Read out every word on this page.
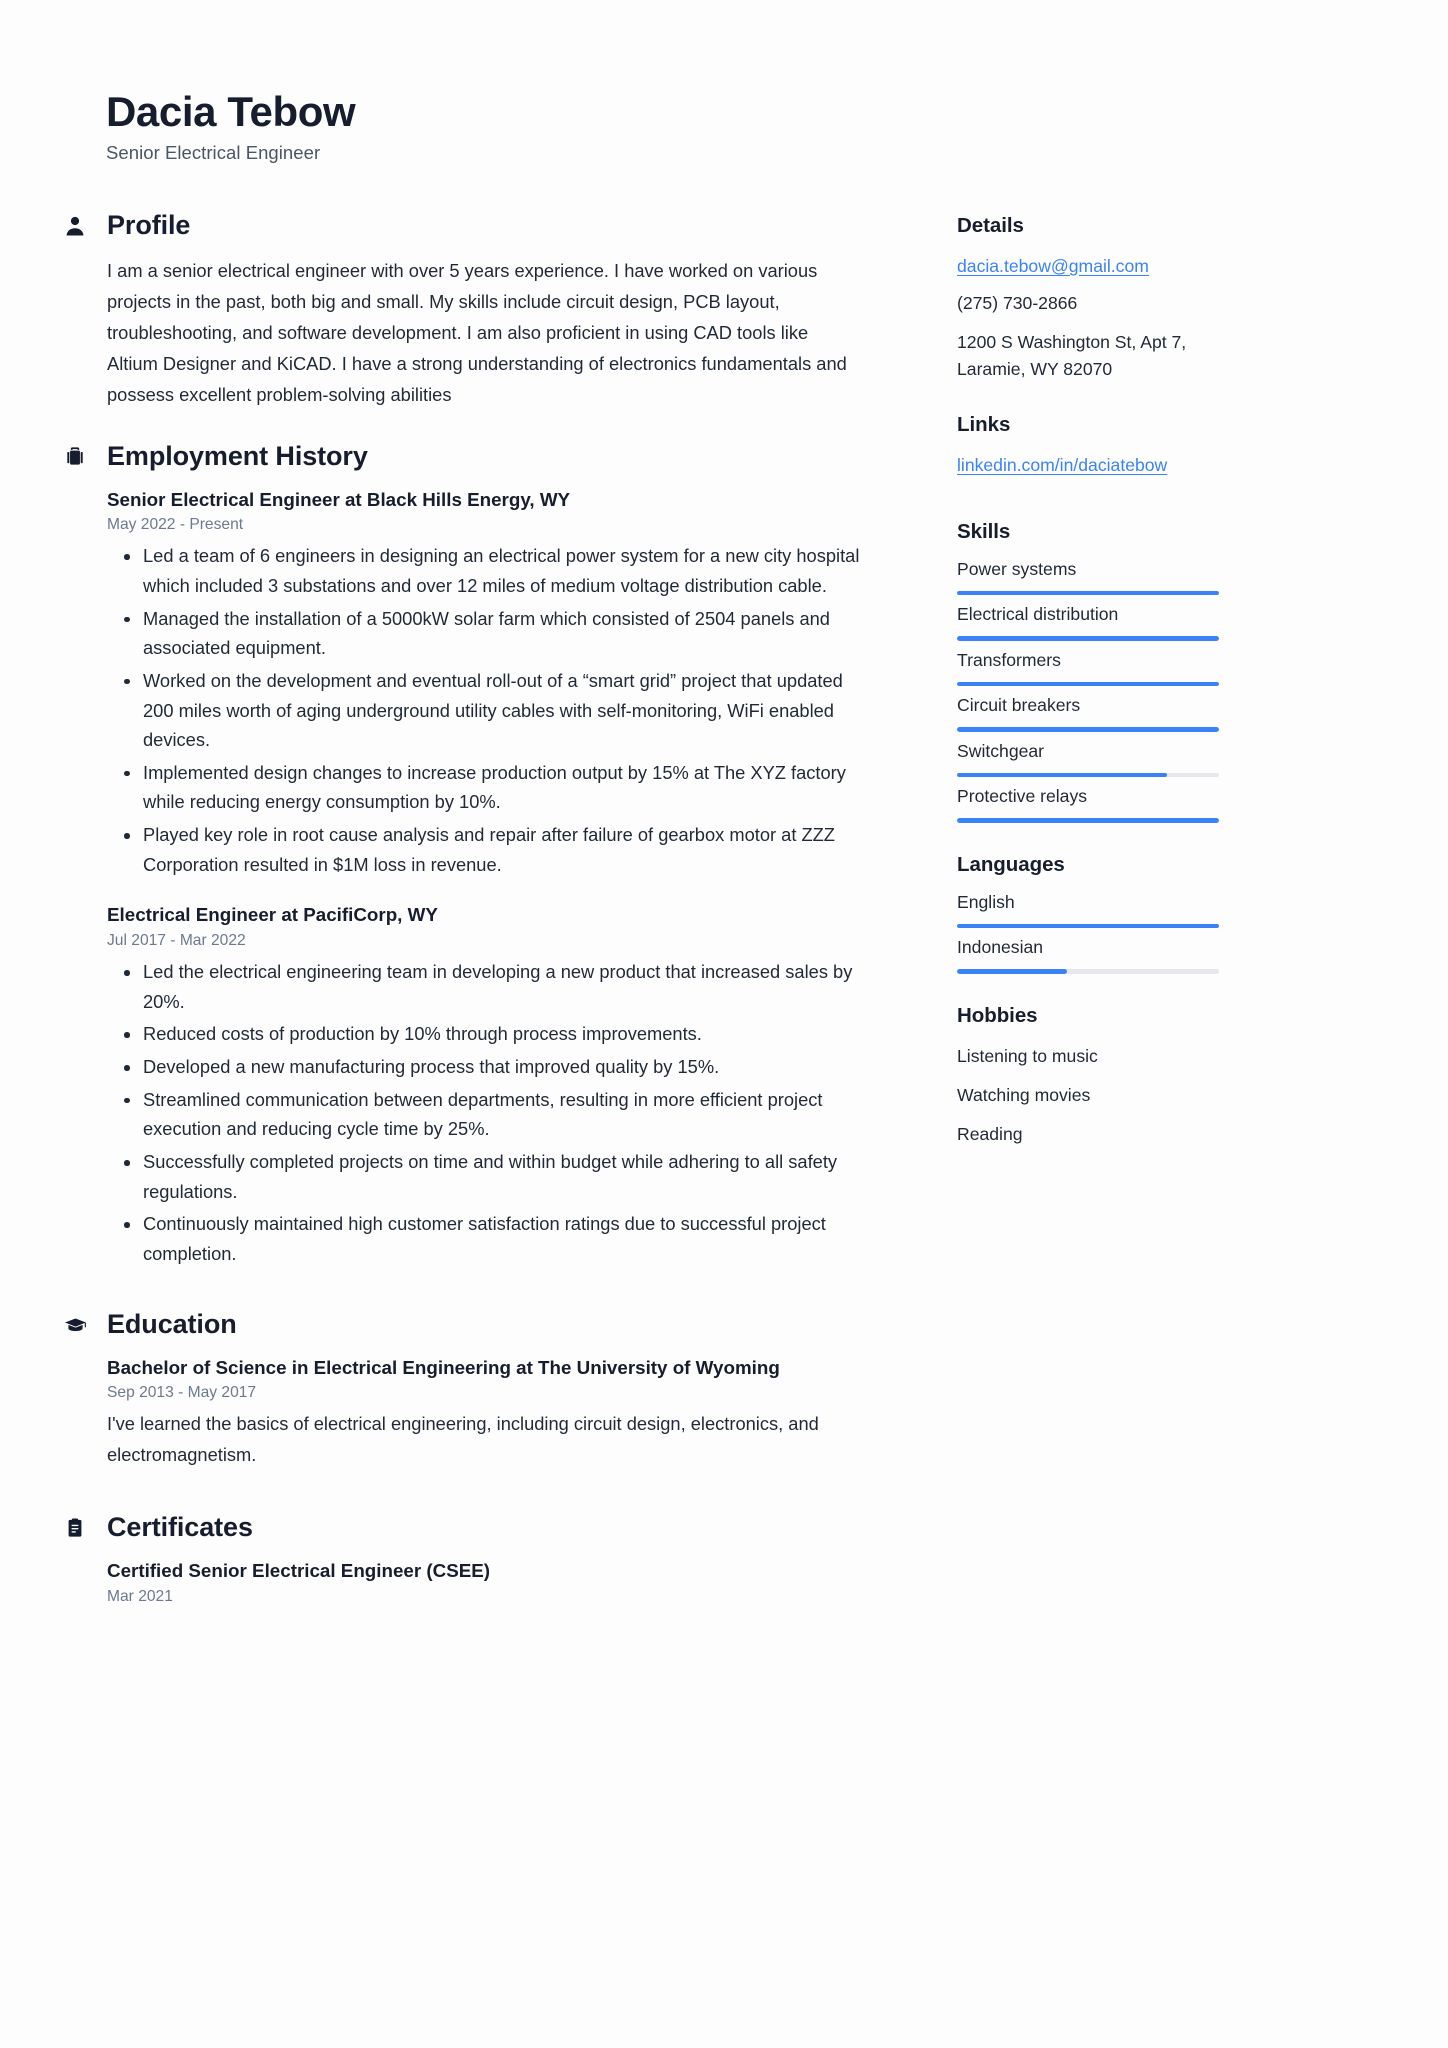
Dacia Tebow
Senior Electrical Engineer
Profile

I am a senior electrical engineer with over 5 years experience. I have worked on various projects in the past, both big and small. My skills include circuit design, PCB layout, troubleshooting, and software development. I am also proficient in using CAD tools like Altium Designer and KiCAD. I have a strong understanding of electronics fundamentals and possess excellent problem-solving abilities

Employment History
Senior Electrical Engineer at Black Hills Energy, WY
May 2022 - Present
Led a team of 6 engineers in designing an electrical power system for a new city hospital which included 3 substations and over 12 miles of medium voltage distribution cable.
Managed the installation of a 5000kW solar farm which consisted of 2504 panels and associated equipment.
Worked on the development and eventual roll-out of a “smart grid” project that updated 200 miles worth of aging underground utility cables with self-monitoring, WiFi enabled devices.
Implemented design changes to increase production output by 15% at The XYZ factory while reducing energy consumption by 10%.
Played key role in root cause analysis and repair after failure of gearbox motor at ZZZ Corporation resulted in $1M loss in revenue.
Electrical Engineer at PacifiCorp, WY
Jul 2017 - Mar 2022
Led the electrical engineering team in developing a new product that increased sales by 20%.
Reduced costs of production by 10% through process improvements.
Developed a new manufacturing process that improved quality by 15%.
Streamlined communication between departments, resulting in more efficient project execution and reducing cycle time by 25%.
Successfully completed projects on time and within budget while adhering to all safety regulations.
Continuously maintained high customer satisfaction ratings due to successful project completion.
Education
Bachelor of Science in Electrical Engineering at The University of Wyoming
Sep 2013 - May 2017
I've learned the basics of electrical engineering, including circuit design, electronics, and electromagnetism.
Certificates
Certified Senior Electrical Engineer (CSEE)
Mar 2021
Details
dacia.tebow@gmail.com
(275) 730-2866
1200 S Washington St, Apt 7,
Laramie, WY 82070
Links
linkedin.com/in/daciatebow
Skills
Power systems
Electrical distribution
Transformers
Circuit breakers
Switchgear
Protective relays
Languages
English
Indonesian
Hobbies
Listening to music
Watching movies
Reading
